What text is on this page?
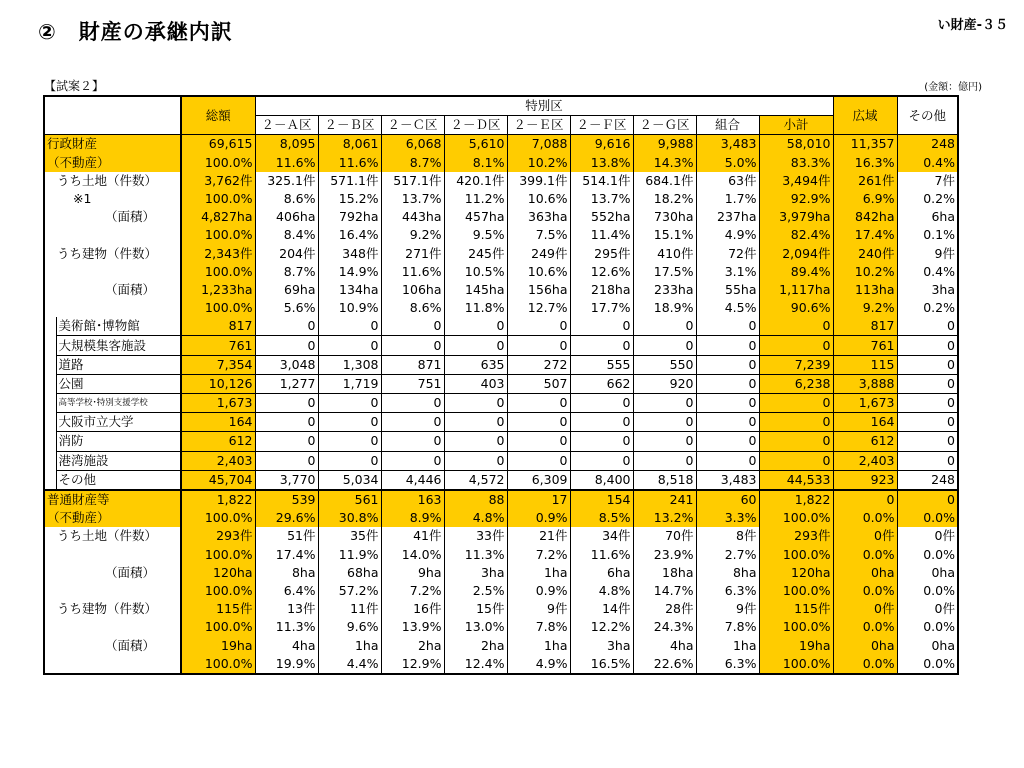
②　財産の承継内訳	い財産-３５
【試案２】	(金額：億円)
		総額	特別区									広域	その他
			２－Ａ区	２－Ｂ区	２－Ｃ区	２－Ｄ区	２－Ｅ区	２－Ｆ区	２－Ｇ区	組合	小計		
行政財産		69,615	8,095	8,061	6,068	5,610	7,088	9,616	9,988	3,483	58,010	11,357	248
（不動産）		100.0%	11.6%	11.6%	8.7%	8.1%	10.2%	13.8%	14.3%	5.0%	83.3%	16.3%	0.4%
うち土地（件数）		3,762件	325.1件	571.1件	517.1件	420.1件	399.1件	514.1件	684.1件	63件	3,494件	261件	7件
※1		100.0%	8.6%	15.2%	13.7%	11.2%	10.6%	13.7%	18.2%	1.7%	92.9%	6.9%	0.2%
（面積）		4,827ha	406ha	792ha	443ha	457ha	363ha	552ha	730ha	237ha	3,979ha	842ha	6ha
		100.0%	8.4%	16.4%	9.2%	9.5%	7.5%	11.4%	15.1%	4.9%	82.4%	17.4%	0.1%
うち建物（件数）		2,343件	204件	348件	271件	245件	249件	295件	410件	72件	2,094件	240件	9件
		100.0%	8.7%	14.9%	11.6%	10.5%	10.6%	12.6%	17.5%	3.1%	89.4%	10.2%	0.4%
（面積）		1,233ha	69ha	134ha	106ha	145ha	156ha	218ha	233ha	55ha	1,117ha	113ha	3ha
		100.0%	5.6%	10.9%	8.6%	11.8%	12.7%	17.7%	18.9%	4.5%	90.6%	9.2%	0.2%
	美術館･博物館	817	0	0	0	0	0	0	0	0	0	817	0
	大規模集客施設	761	0	0	0	0	0	0	0	0	0	761	0
	道路	7,354	3,048	1,308	871	635	272	555	550	0	7,239	115	0
	公園	10,126	1,277	1,719	751	403	507	662	920	0	6,238	3,888	0
	高等学校･特別支援学校	1,673	0	0	0	0	0	0	0	0	0	1,673	0
	大阪市立大学	164	0	0	0	0	0	0	0	0	0	164	0
	消防	612	0	0	0	0	0	0	0	0	0	612	0
	港湾施設	2,403	0	0	0	0	0	0	0	0	0	2,403	0
	その他	45,704	3,770	5,034	4,446	4,572	6,309	8,400	8,518	3,483	44,533	923	248
普通財産等		1,822	539	561	163	88	17	154	241	60	1,822	0	0
（不動産）		100.0%	29.6%	30.8%	8.9%	4.8%	0.9%	8.5%	13.2%	3.3%	100.0%	0.0%	0.0%
うち土地（件数）		293件	51件	35件	41件	33件	21件	34件	70件	8件	293件	0件	0件
		100.0%	17.4%	11.9%	14.0%	11.3%	7.2%	11.6%	23.9%	2.7%	100.0%	0.0%	0.0%
（面積）		120ha	8ha	68ha	9ha	3ha	1ha	6ha	18ha	8ha	120ha	0ha	0ha
		100.0%	6.4%	57.2%	7.2%	2.5%	0.9%	4.8%	14.7%	6.3%	100.0%	0.0%	0.0%
うち建物（件数）		115件	13件	11件	16件	15件	9件	14件	28件	9件	115件	0件	0件
		100.0%	11.3%	9.6%	13.9%	13.0%	7.8%	12.2%	24.3%	7.8%	100.0%	0.0%	0.0%
（面積）		19ha	4ha	1ha	2ha	2ha	1ha	3ha	4ha	1ha	19ha	0ha	0ha
		100.0%	19.9%	4.4%	12.9%	12.4%	4.9%	16.5%	22.6%	6.3%	100.0%	0.0%	0.0%
